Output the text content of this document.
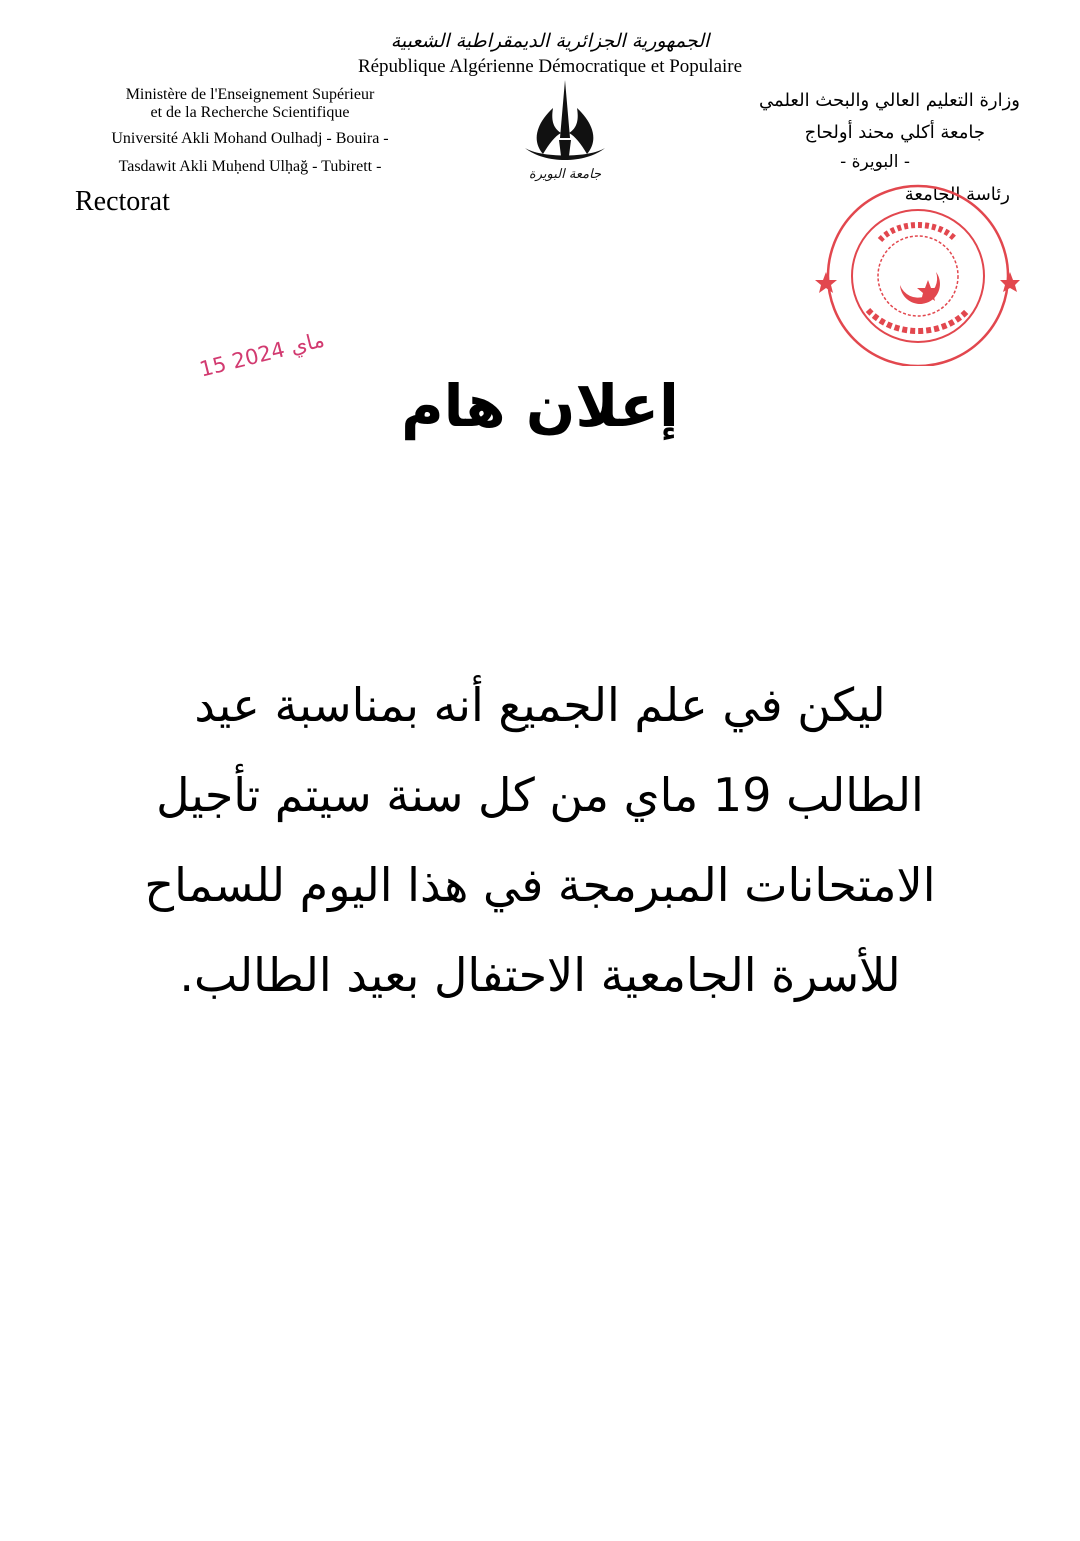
الجمهورية الجزائرية الديمقراطية الشعبية
République Algérienne Démocratique et Populaire
Ministère de l'Enseignement Supérieur
et de la Recherche Scientifique
Université Akli Mohand Oulhadj - Bouira -
Tasdawit Akli Muḥend Ulḥağ - Tubirett -
Rectorat
وزارة التعليم العالي والبحث العلمي
جامعة أكلي محند أولحاج
- البويرة -
رئاسة الجامعة
جامعة البويرة
15 ماي 2024
إعلان هام
ليكن في علم الجميع أنه بمناسبة عيد الطالب 19 ماي من كل سنة سيتم تأجيل الامتحانات المبرمجة في هذا اليوم للسماح للأسرة الجامعية الاحتفال بعيد الطالب.
